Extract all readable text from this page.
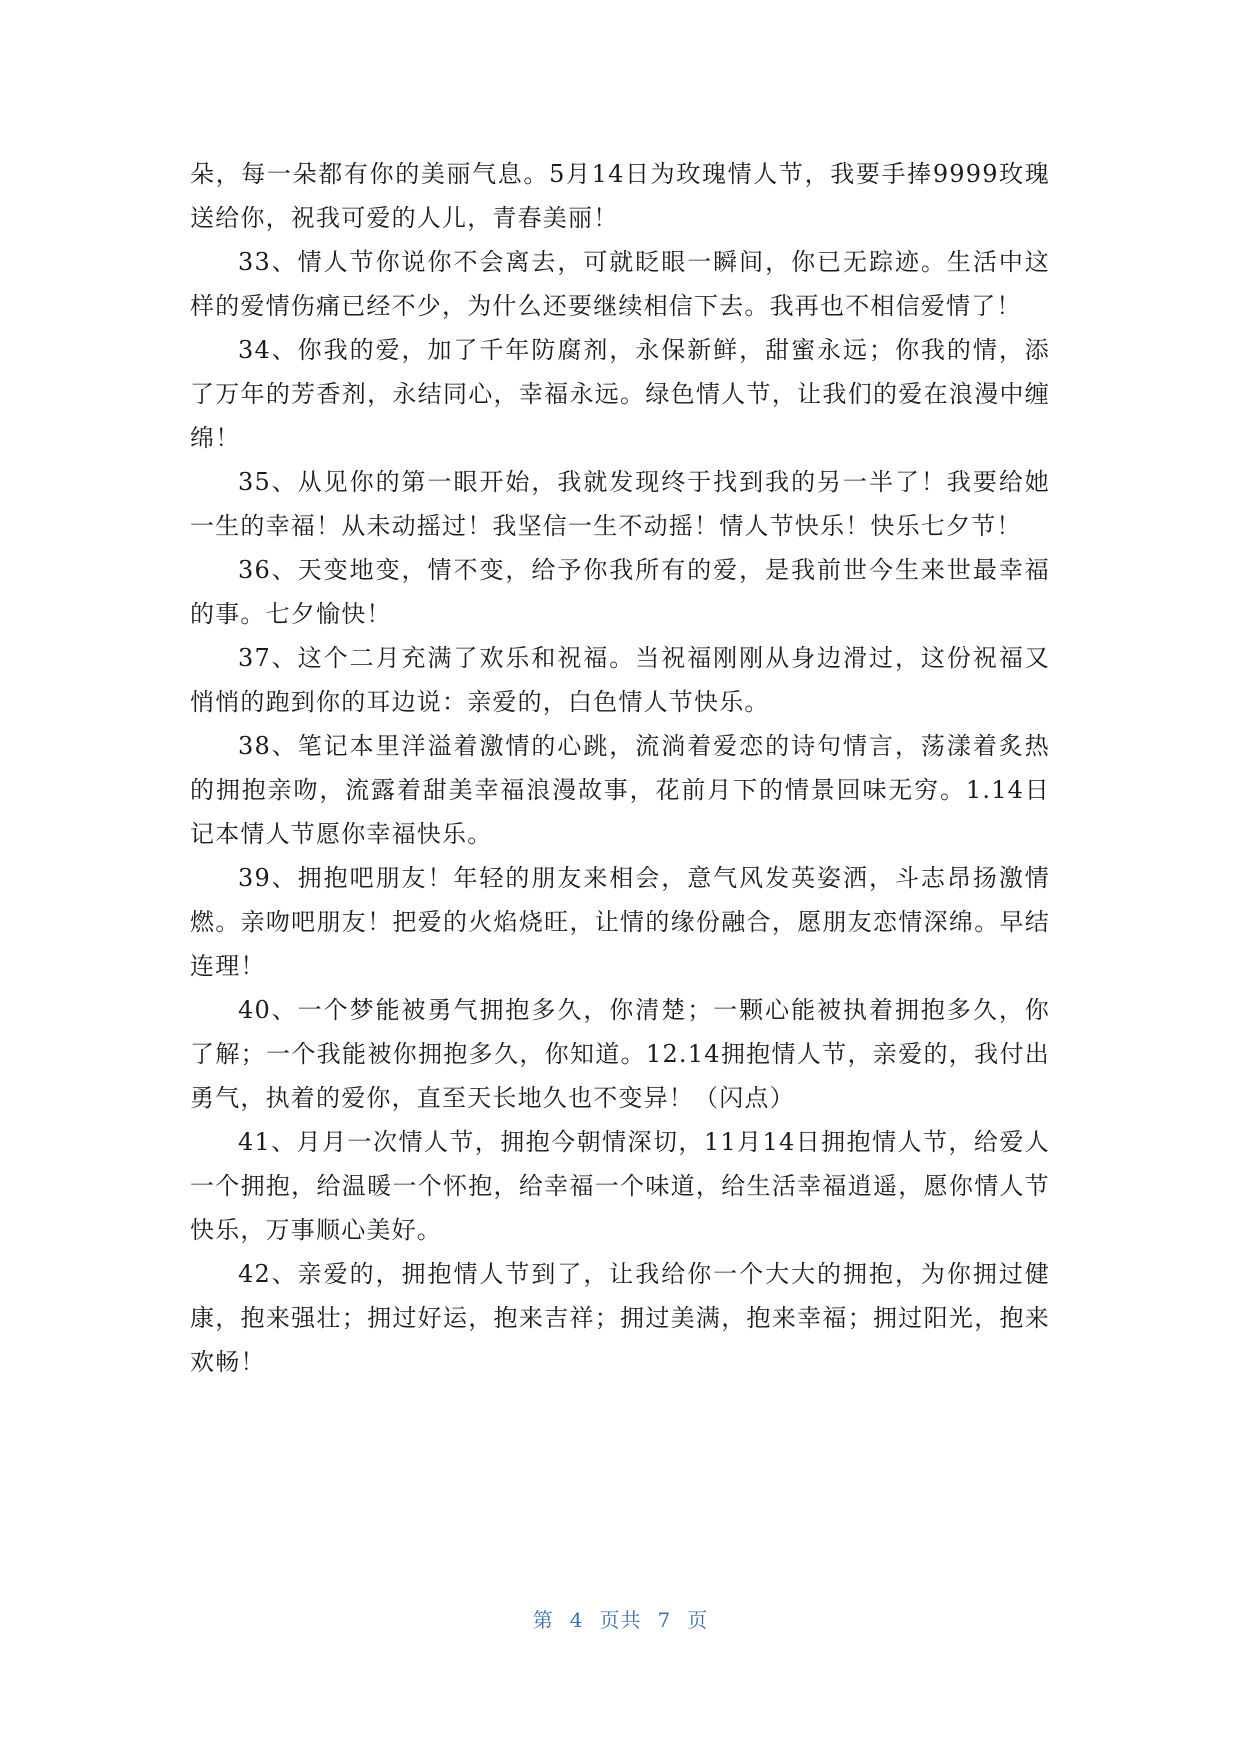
朵，每一朵都有你的美丽气息。5月14日为玫瑰情人节，我要手捧9999玫瑰送给你，祝我可爱的人儿，青春美丽！

33、情人节你说你不会离去，可就眨眼一瞬间，你已无踪迹。生活中这样的爱情伤痛已经不少，为什么还要继续相信下去。我再也不相信爱情了！

34、你我的爱，加了千年防腐剂，永保新鲜，甜蜜永远；你我的情，添了万年的芳香剂，永结同心，幸福永远。绿色情人节，让我们的爱在浪漫中缠绵！

35、从见你的第一眼开始，我就发现终于找到我的另一半了！我要给她一生的幸福！从未动摇过！我坚信一生不动摇！情人节快乐！快乐七夕节！

36、天变地变，情不变，给予你我所有的爱，是我前世今生来世最幸福的事。七夕愉快！

37、这个二月充满了欢乐和祝福。当祝福刚刚从身边滑过，这份祝福又悄悄的跑到你的耳边说：亲爱的，白色情人节快乐。

38、笔记本里洋溢着激情的心跳，流淌着爱恋的诗句情言，荡漾着炙热的拥抱亲吻，流露着甜美幸福浪漫故事，花前月下的情景回味无穷。1.14日记本情人节愿你幸福快乐。

39、拥抱吧朋友！年轻的朋友来相会，意气风发英姿洒，斗志昂扬激情燃。亲吻吧朋友！把爱的火焰烧旺，让情的缘份融合，愿朋友恋情深绵。早结连理！

40、一个梦能被勇气拥抱多久，你清楚；一颗心能被执着拥抱多久，你了解；一个我能被你拥抱多久，你知道。12.14拥抱情人节，亲爱的，我付出勇气，执着的爱你，直至天长地久也不变异！（闪点）

41、月月一次情人节，拥抱今朝情深切，11月14日拥抱情人节，给爱人一个拥抱，给温暖一个怀抱，给幸福一个味道，给生活幸福逍遥，愿你情人节快乐，万事顺心美好。

42、亲爱的，拥抱情人节到了，让我给你一个大大的拥抱，为你拥过健康，抱来强壮；拥过好运，抱来吉祥；拥过美满，抱来幸福；拥过阳光，抱来欢畅！

第 4 页共 7 页
